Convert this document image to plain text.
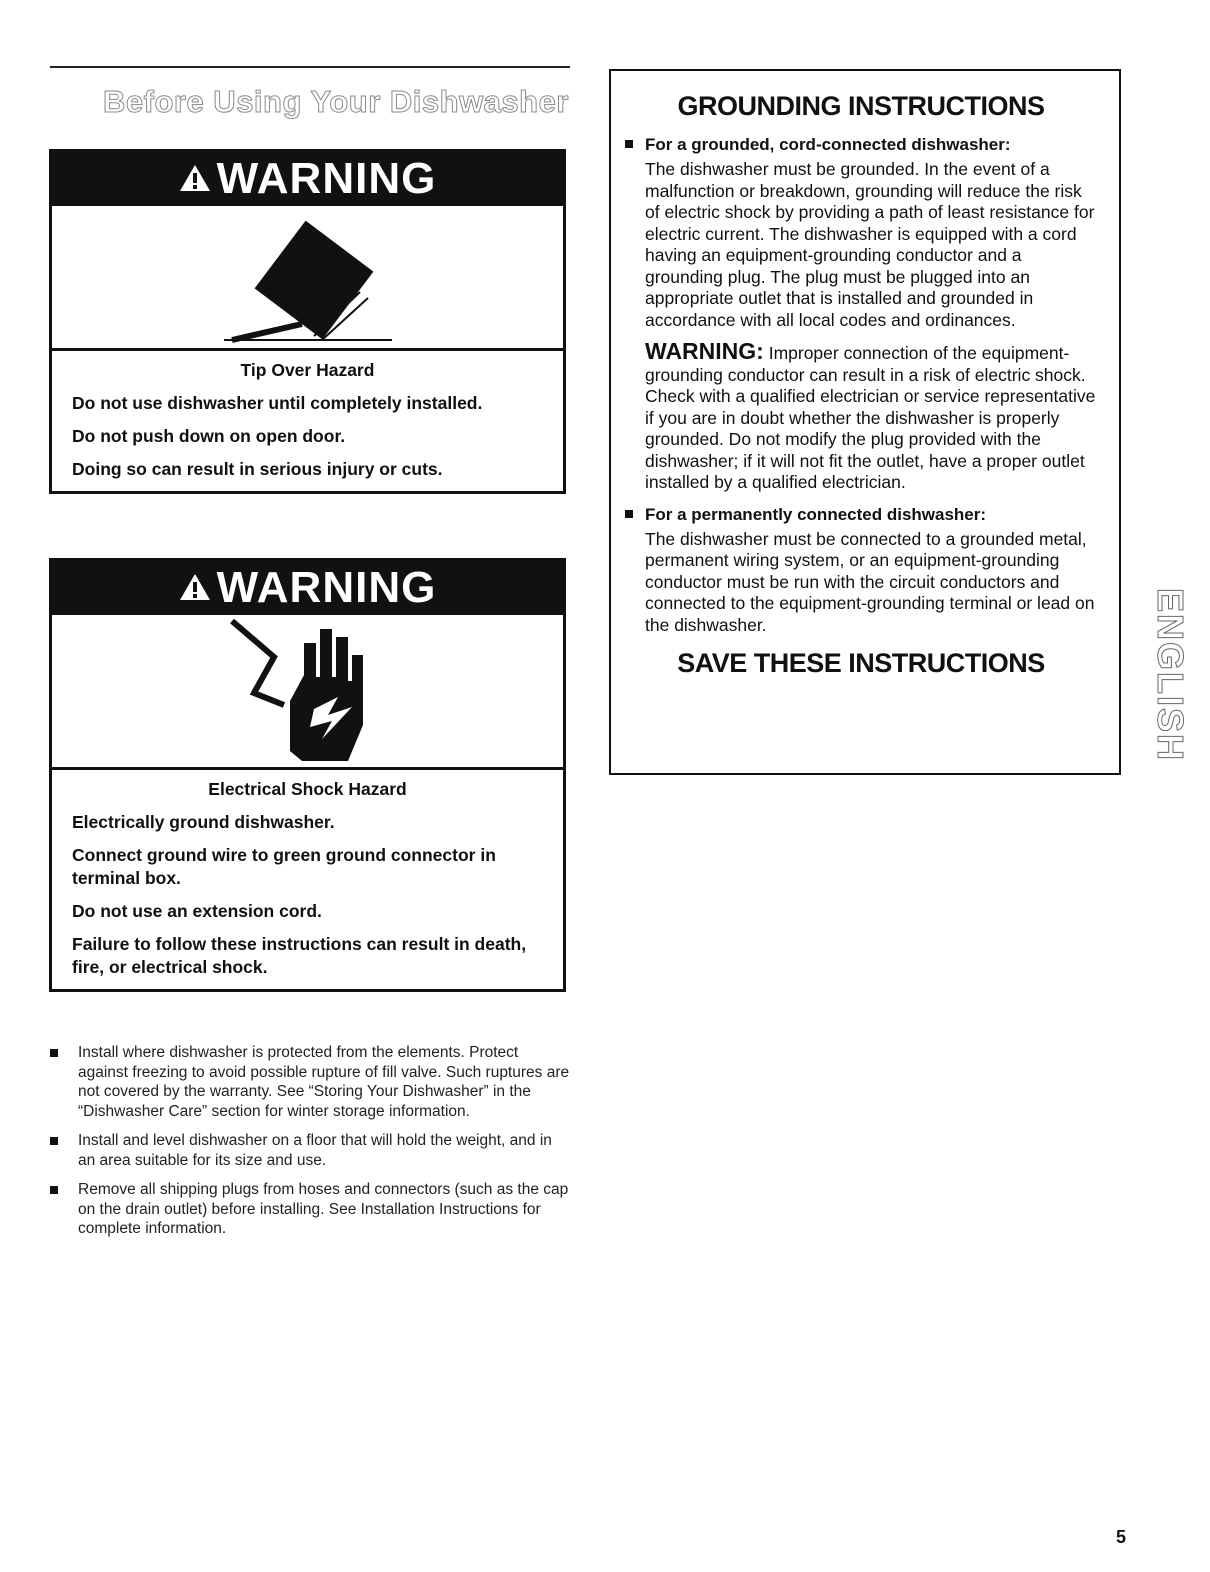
Before Using Your Dishwasher
WARNING
Tip Over Hazard

Do not use dishwasher until completely installed.

Do not push down on open door.

Doing so can result in serious injury or cuts.

WARNING
Electrical Shock Hazard

Electrically ground dishwasher.

Connect ground wire to green ground connector in terminal box.

Do not use an extension cord.

Failure to follow these instructions can result in death, fire, or electrical shock.

Install where dishwasher is protected from the elements. Protect against freezing to avoid possible rupture of fill valve. Such ruptures are not covered by the warranty. See “Storing Your Dishwasher” in the “Dishwasher Care” section for winter storage information.
Install and level dishwasher on a floor that will hold the weight, and in an area suitable for its size and use.
Remove all shipping plugs from hoses and connectors (such as the cap on the drain outlet) before installing. See Installation Instructions for complete information.
GROUNDING INSTRUCTIONS
For a grounded, cord-connected dishwasher:
The dishwasher must be grounded. In the event of a malfunction or breakdown, grounding will reduce the risk of electric shock by providing a path of least resistance for electric current. The dishwasher is equipped with a cord having an equipment-grounding conductor and a grounding plug. The plug must be plugged into an appropriate outlet that is installed and grounded in accordance with all local codes and ordinances.
WARNING: Improper connection of the equipment-grounding conductor can result in a risk of electric shock. Check with a qualified electrician or service representative if you are in doubt whether the dishwasher is properly grounded. Do not modify the plug provided with the dishwasher; if it will not fit the outlet, have a proper outlet installed by a qualified electrician.
For a permanently connected dishwasher:
The dishwasher must be connected to a grounded metal, permanent wiring system, or an equipment-grounding conductor must be run with the circuit conductors and connected to the equipment-grounding terminal or lead on the dishwasher.
SAVE THESE INSTRUCTIONS	ENGLISH
5
